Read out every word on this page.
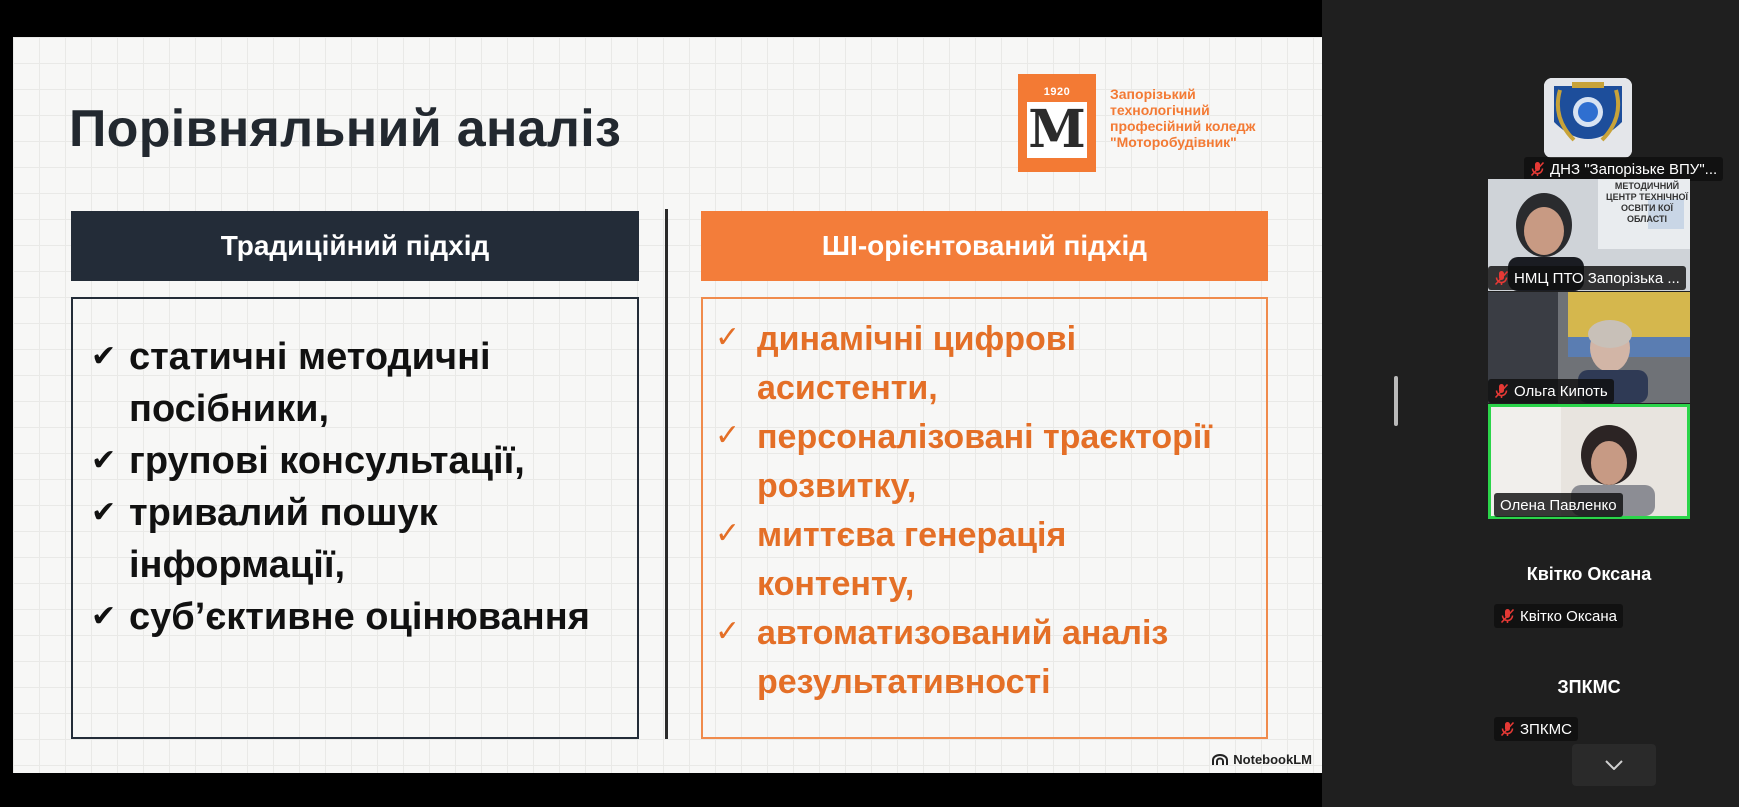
Порівняльний аналіз
1920
M
Запорізький
технологічний
професійний коледж
"Моторобудівник"
Традиційний підхід	ШІ-орієнтований підхід
✔ статичні методичні
посібники,
✔ групові консультації,
✔ тривалий пошук
інформації,
✔ суб’єктивне оцінювання
✓ динамічні цифрові
асистенти,
✓ персоналізовані траєкторії
розвитку,
✓ миттєва генерація
контенту,
✓ автоматизований аналіз
результативності
NotebookLM
ДНЗ "Запорізьке ВПУ"...
МЕТОДИЧНИЙ ЦЕНТР ТЕХНІЧНОЇ ОСВІТИ КОЇ ОБЛАСТІ
НМЦ ПТО Запорізька ...
Ольга Кипоть
Олена Павленко
Квітко Оксана
Квітко Оксана
ЗПКМС
ЗПКМС
